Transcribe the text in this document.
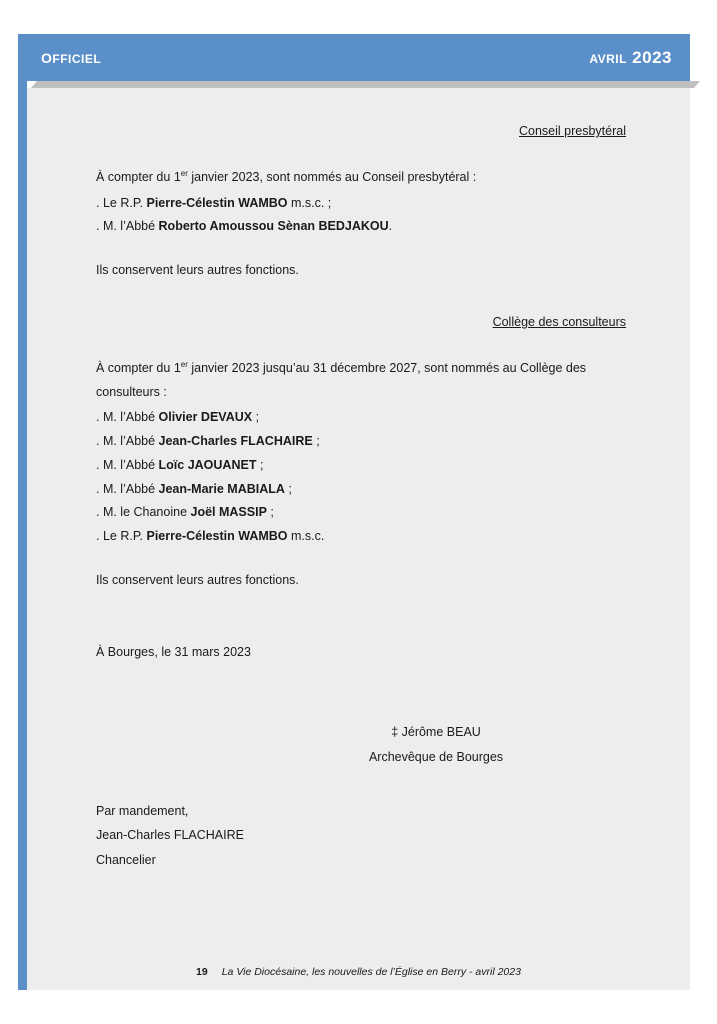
officiel	avril 2023

Conseil presbytéral

À compter du 1er janvier 2023, sont nommés au Conseil presbytéral :

. Le R.P. Pierre-Célestin WAMBO m.s.c. ;

. M. l’Abbé Roberto Amoussou Sènan BEDJAKOU.

Ils conservent leurs autres fonctions.

Collège des consulteurs

À compter du 1er janvier 2023 jusqu’au 31 décembre 2027, sont nommés au Collège des consulteurs :

. M. l’Abbé Olivier DEVAUX ;

. M. l’Abbé Jean-Charles FLACHAIRE ;

. M. l’Abbé Loïc JAOUANET ;

. M. l’Abbé Jean-Marie MABIALA ;

. M. le Chanoine Joël MASSIP ;

. Le R.P. Pierre-Célestin WAMBO m.s.c.

Ils conservent leurs autres fonctions.

À Bourges, le 31 mars 2023

‡ Jérôme BEAU
Archevêque de Bourges
Par mandement,
Jean-Charles FLACHAIRE
Chancelier
19 La Vie Diocésaine, les nouvelles de l’Église en Berry - avril 2023
